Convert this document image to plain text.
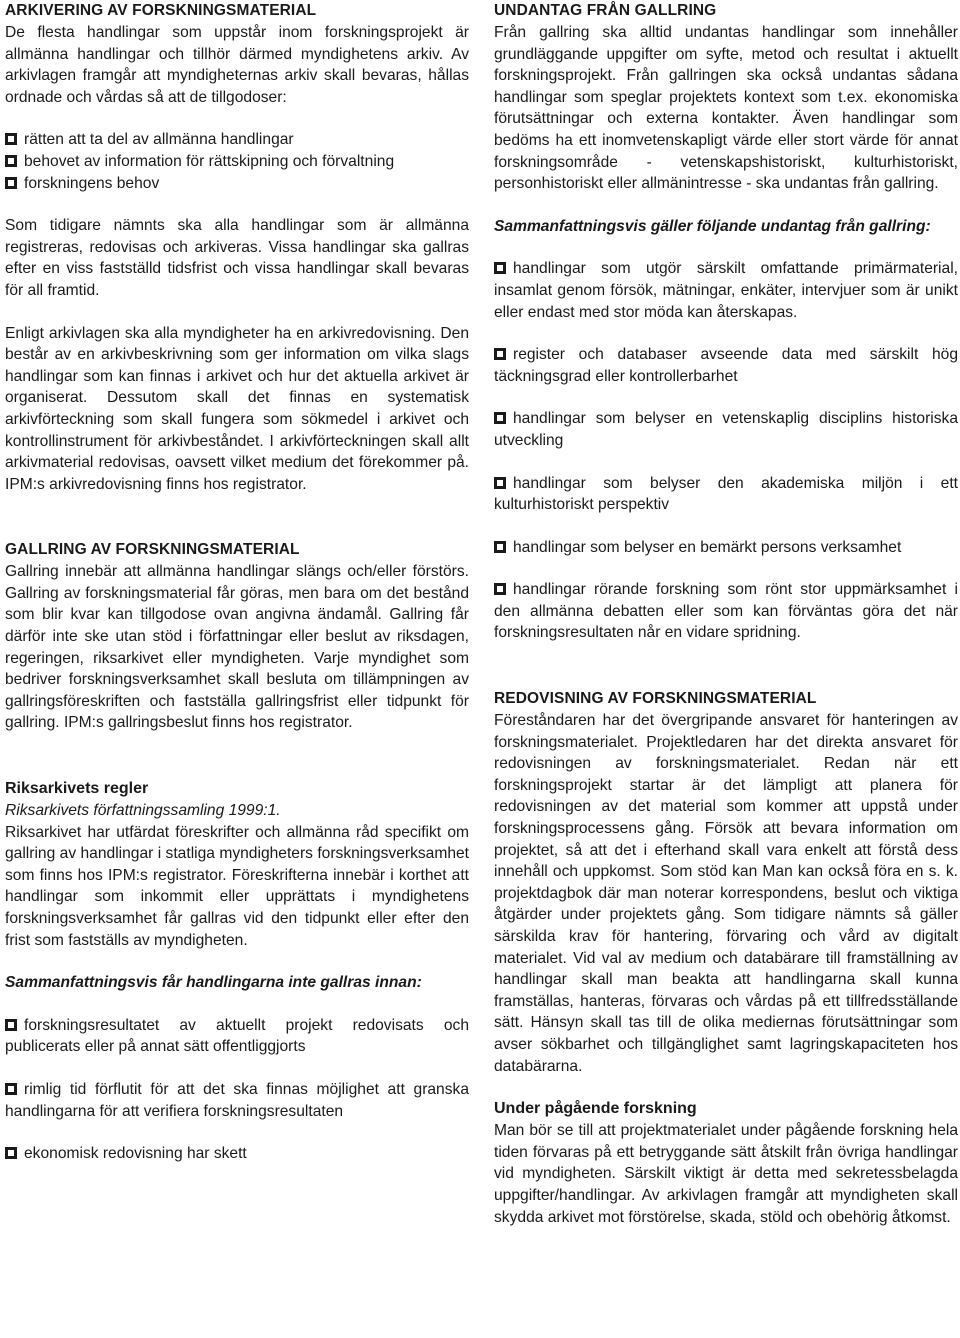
ARKIVERING AV FORSKNINGSMATERIAL

De flesta handlingar som uppstår inom forskningsprojekt är allmänna handlingar och tillhör därmed myndighetens arkiv. Av arkivlagen framgår att myndigheternas arkiv skall bevaras, hållas ordnade och vårdas så att de tillgodoser:

rätten att ta del av allmänna handlingar
behovet av information för rättskipning och förvaltning
forskningens behov

Som tidigare nämnts ska alla handlingar som är allmänna registreras, redovisas och arkiveras. Vissa handlingar ska gallras efter en viss fastställd tidsfrist och vissa handlingar skall bevaras för all framtid.

Enligt arkivlagen ska alla myndigheter ha en arkivredovisning. Den består av en arkivbeskrivning som ger information om vilka slags handlingar som kan finnas i arkivet och hur det aktuella arkivet är organiserat. Dessutom skall det finnas en systematisk arkivförteckning som skall fungera som sökmedel i arkivet och kontrollinstrument för arkivbeståndet. I arkivförteckningen skall allt arkivmaterial redovisas, oavsett vilket medium det förekommer på. IPM:s arkivredovisning finns hos registrator.

GALLRING AV FORSKNINGSMATERIAL

Gallring innebär att allmänna handlingar slängs och/eller förstörs. Gallring av forskningsmaterial får göras, men bara om det bestånd som blir kvar kan tillgodose ovan angivna ändamål. Gallring får därför inte ske utan stöd i författningar eller beslut av riksdagen, regeringen, riksarkivet eller myndigheten. Varje myndighet som bedriver forskningsverksamhet skall besluta om tillämpningen av gallringsföreskriften och fastställa gallringsfrist eller tidpunkt för gallring. IPM:s gallringsbeslut finns hos registrator.

Riksarkivets regler

Riksarkivets författningssamling 1999:1.

Riksarkivet har utfärdat föreskrifter och allmänna råd specifikt om gallring av handlingar i statliga myndigheters forskningsverksamhet som finns hos IPM:s registrator. Föreskrifterna innebär i korthet att handlingar som inkommit eller upprättats i myndighetens forskningsverksamhet får gallras vid den tidpunkt eller efter den frist som fastställs av myndigheten.

Sammanfattningsvis får handlingarna inte gallras innan:

forskningsresultatet av aktuellt projekt redovisats och publicerats eller på annat sätt offentliggjorts
rimlig tid förflutit för att det ska finnas möjlighet att granska handlingarna för att verifiera forskningsresultaten
ekonomisk redovisning har skett
UNDANTAG FRÅN GALLRING

Från gallring ska alltid undantas handlingar som innehåller grundläggande uppgifter om syfte, metod och resultat i aktuellt forskningsprojekt. Från gallringen ska också undantas sådana handlingar som speglar projektets kontext som t.ex. ekonomiska förutsättningar och externa kontakter. Även handlingar som bedöms ha ett inomvetenskapligt värde eller stort värde för annat forskningsområde - vetenskapshistoriskt, kulturhistoriskt, personhistoriskt eller allmänintresse - ska undantas från gallring.

Sammanfattningsvis gäller följande undantag från gallring:

handlingar som utgör särskilt omfattande primärmaterial, insamlat genom försök, mätningar, enkäter, intervjuer som är unikt eller endast med stor möda kan återskapas.
register och databaser avseende data med särskilt hög täckningsgrad eller kontrollerbarhet
handlingar som belyser en vetenskaplig disciplins historiska utveckling
handlingar som belyser den akademiska miljön i ett kulturhistoriskt perspektiv
handlingar som belyser en bemärkt persons verksamhet
handlingar rörande forskning som rönt stor uppmärksamhet i den allmänna debatten eller som kan förväntas göra det när forskningsresultaten når en vidare spridning.
REDOVISNING AV FORSKNINGSMATERIAL

Föreståndaren har det övergripande ansvaret för hanteringen av forskningsmaterialet. Projektledaren har det direkta ansvaret för redovisningen av forskningsmaterialet. Redan när ett forskningsprojekt startar är det lämpligt att planera för redovisningen av det material som kommer att uppstå under forskningsprocessens gång. Försök att bevara information om projektet, så att det i efterhand skall vara enkelt att förstå dess innehåll och uppkomst. Som stöd kan Man kan också föra en s. k. projektdagbok där man noterar korrespondens, beslut och viktiga åtgärder under projektets gång. Som tidigare nämnts så gäller särskilda krav för hantering, förvaring och vård av digitalt materialet. Vid val av medium och databärare till framställning av handlingar skall man beakta att handlingarna skall kunna framställas, hanteras, förvaras och vårdas på ett tillfredsställande sätt. Hänsyn skall tas till de olika mediernas förutsättningar som avser sökbarhet och tillgänglighet samt lagringskapaciteten hos databärarna.

Under pågående forskning

Man bör se till att projektmaterialet under pågående forskning hela tiden förvaras på ett betryggande sätt åtskilt från övriga handlingar vid myndigheten. Särskilt viktigt är detta med sekretessbelagda uppgifter/handlingar. Av arkivlagen framgår att myndigheten skall skydda arkivet mot förstörelse, skada, stöld och obehörig åtkomst.
